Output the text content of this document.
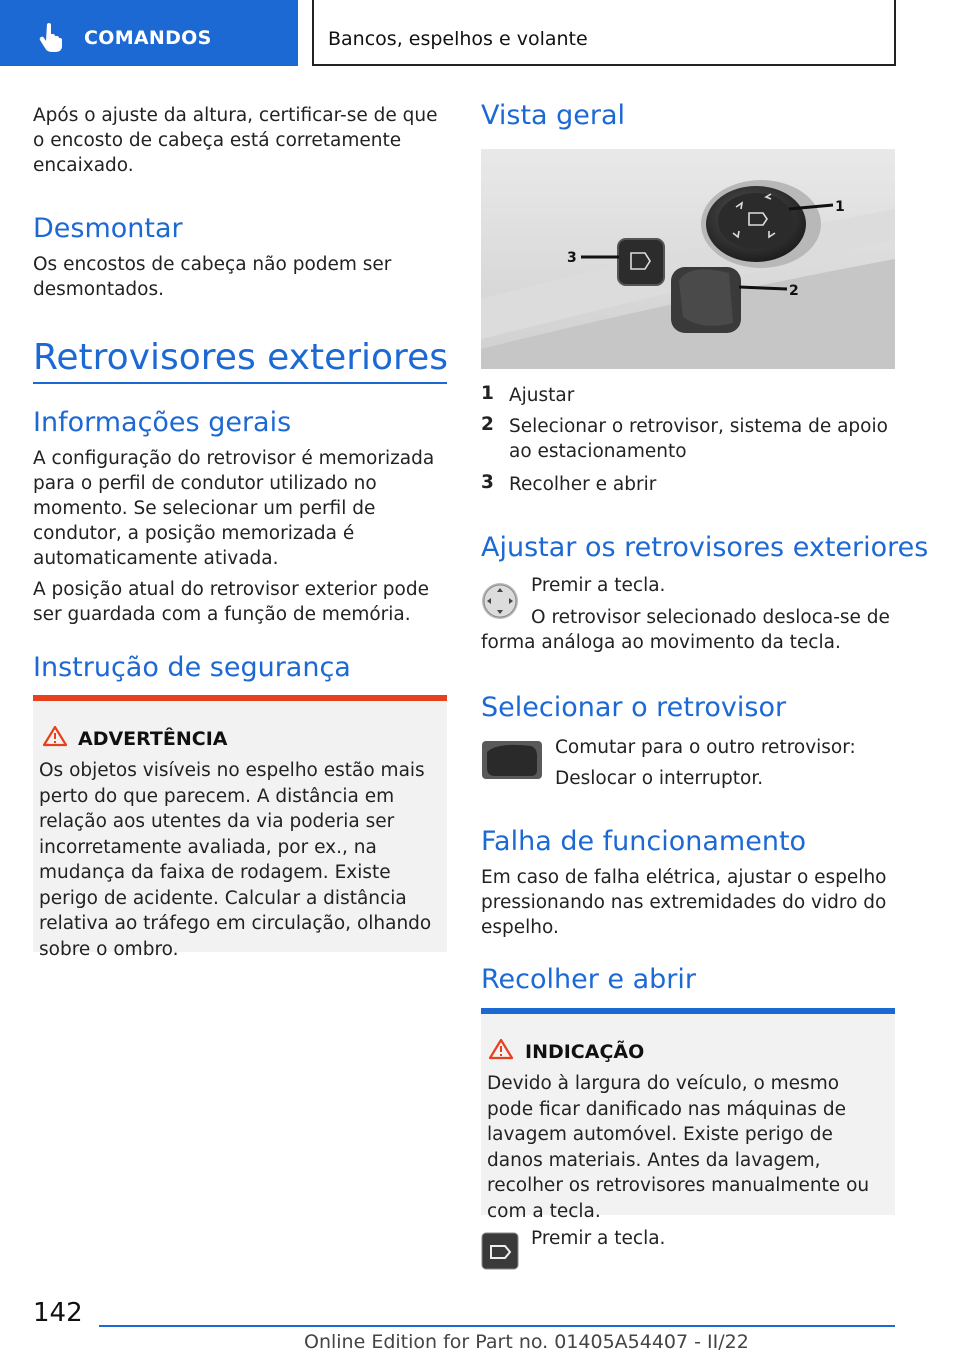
COMANDOS	Bancos, espelhos e volante

Após o ajuste da altura, certificar-se de que o encosto de cabeça está corretamente encaixado.

Desmontar

Os encostos de cabeça não podem ser desmontados.

Retrovisores exteriores
Informações gerais

A configuração do retrovisor é memorizada para o perfil de condutor utilizado no momento. Se selecionar um perfil de condutor, a posição memorizada é automaticamente ativada.

A posição atual do retrovisor exterior pode ser guardada com a função de memória.

Instrução de segurança
ADVERTÊNCIA
Os objetos visíveis no espelho estão mais perto do que parecem. A distância em relação aos utentes da via poderia ser incorretamente avaliada, por ex., na mudança da faixa de rodagem. Existe perigo de acidente. Calcular a distância relativa ao tráfego em circulação, olhando sobre o ombro.
Vista geral
1
2
3
1 Ajustar
2 Selecionar o retrovisor, sistema de apoio ao estacionamento
3 Recolher e abrir
Ajustar os retrovisores exteriores

Premir a tecla.

O retrovisor selecionado desloca-se de forma análoga ao movimento da tecla.

Selecionar o retrovisor

Comutar para o outro retrovisor:

Deslocar o interruptor.

Falha de funcionamento

Em caso de falha elétrica, ajustar o espelho pressionando nas extremidades do vidro do espelho.

Recolher e abrir
INDICAÇÃO
Devido à largura do veículo, o mesmo pode ficar danificado nas máquinas de lavagem automóvel. Existe perigo de danos materiais. Antes da lavagem, recolher os retrovisores manualmente ou com a tecla.

Premir a tecla.

142
Online Edition for Part no. 01405A54407 - II/22
